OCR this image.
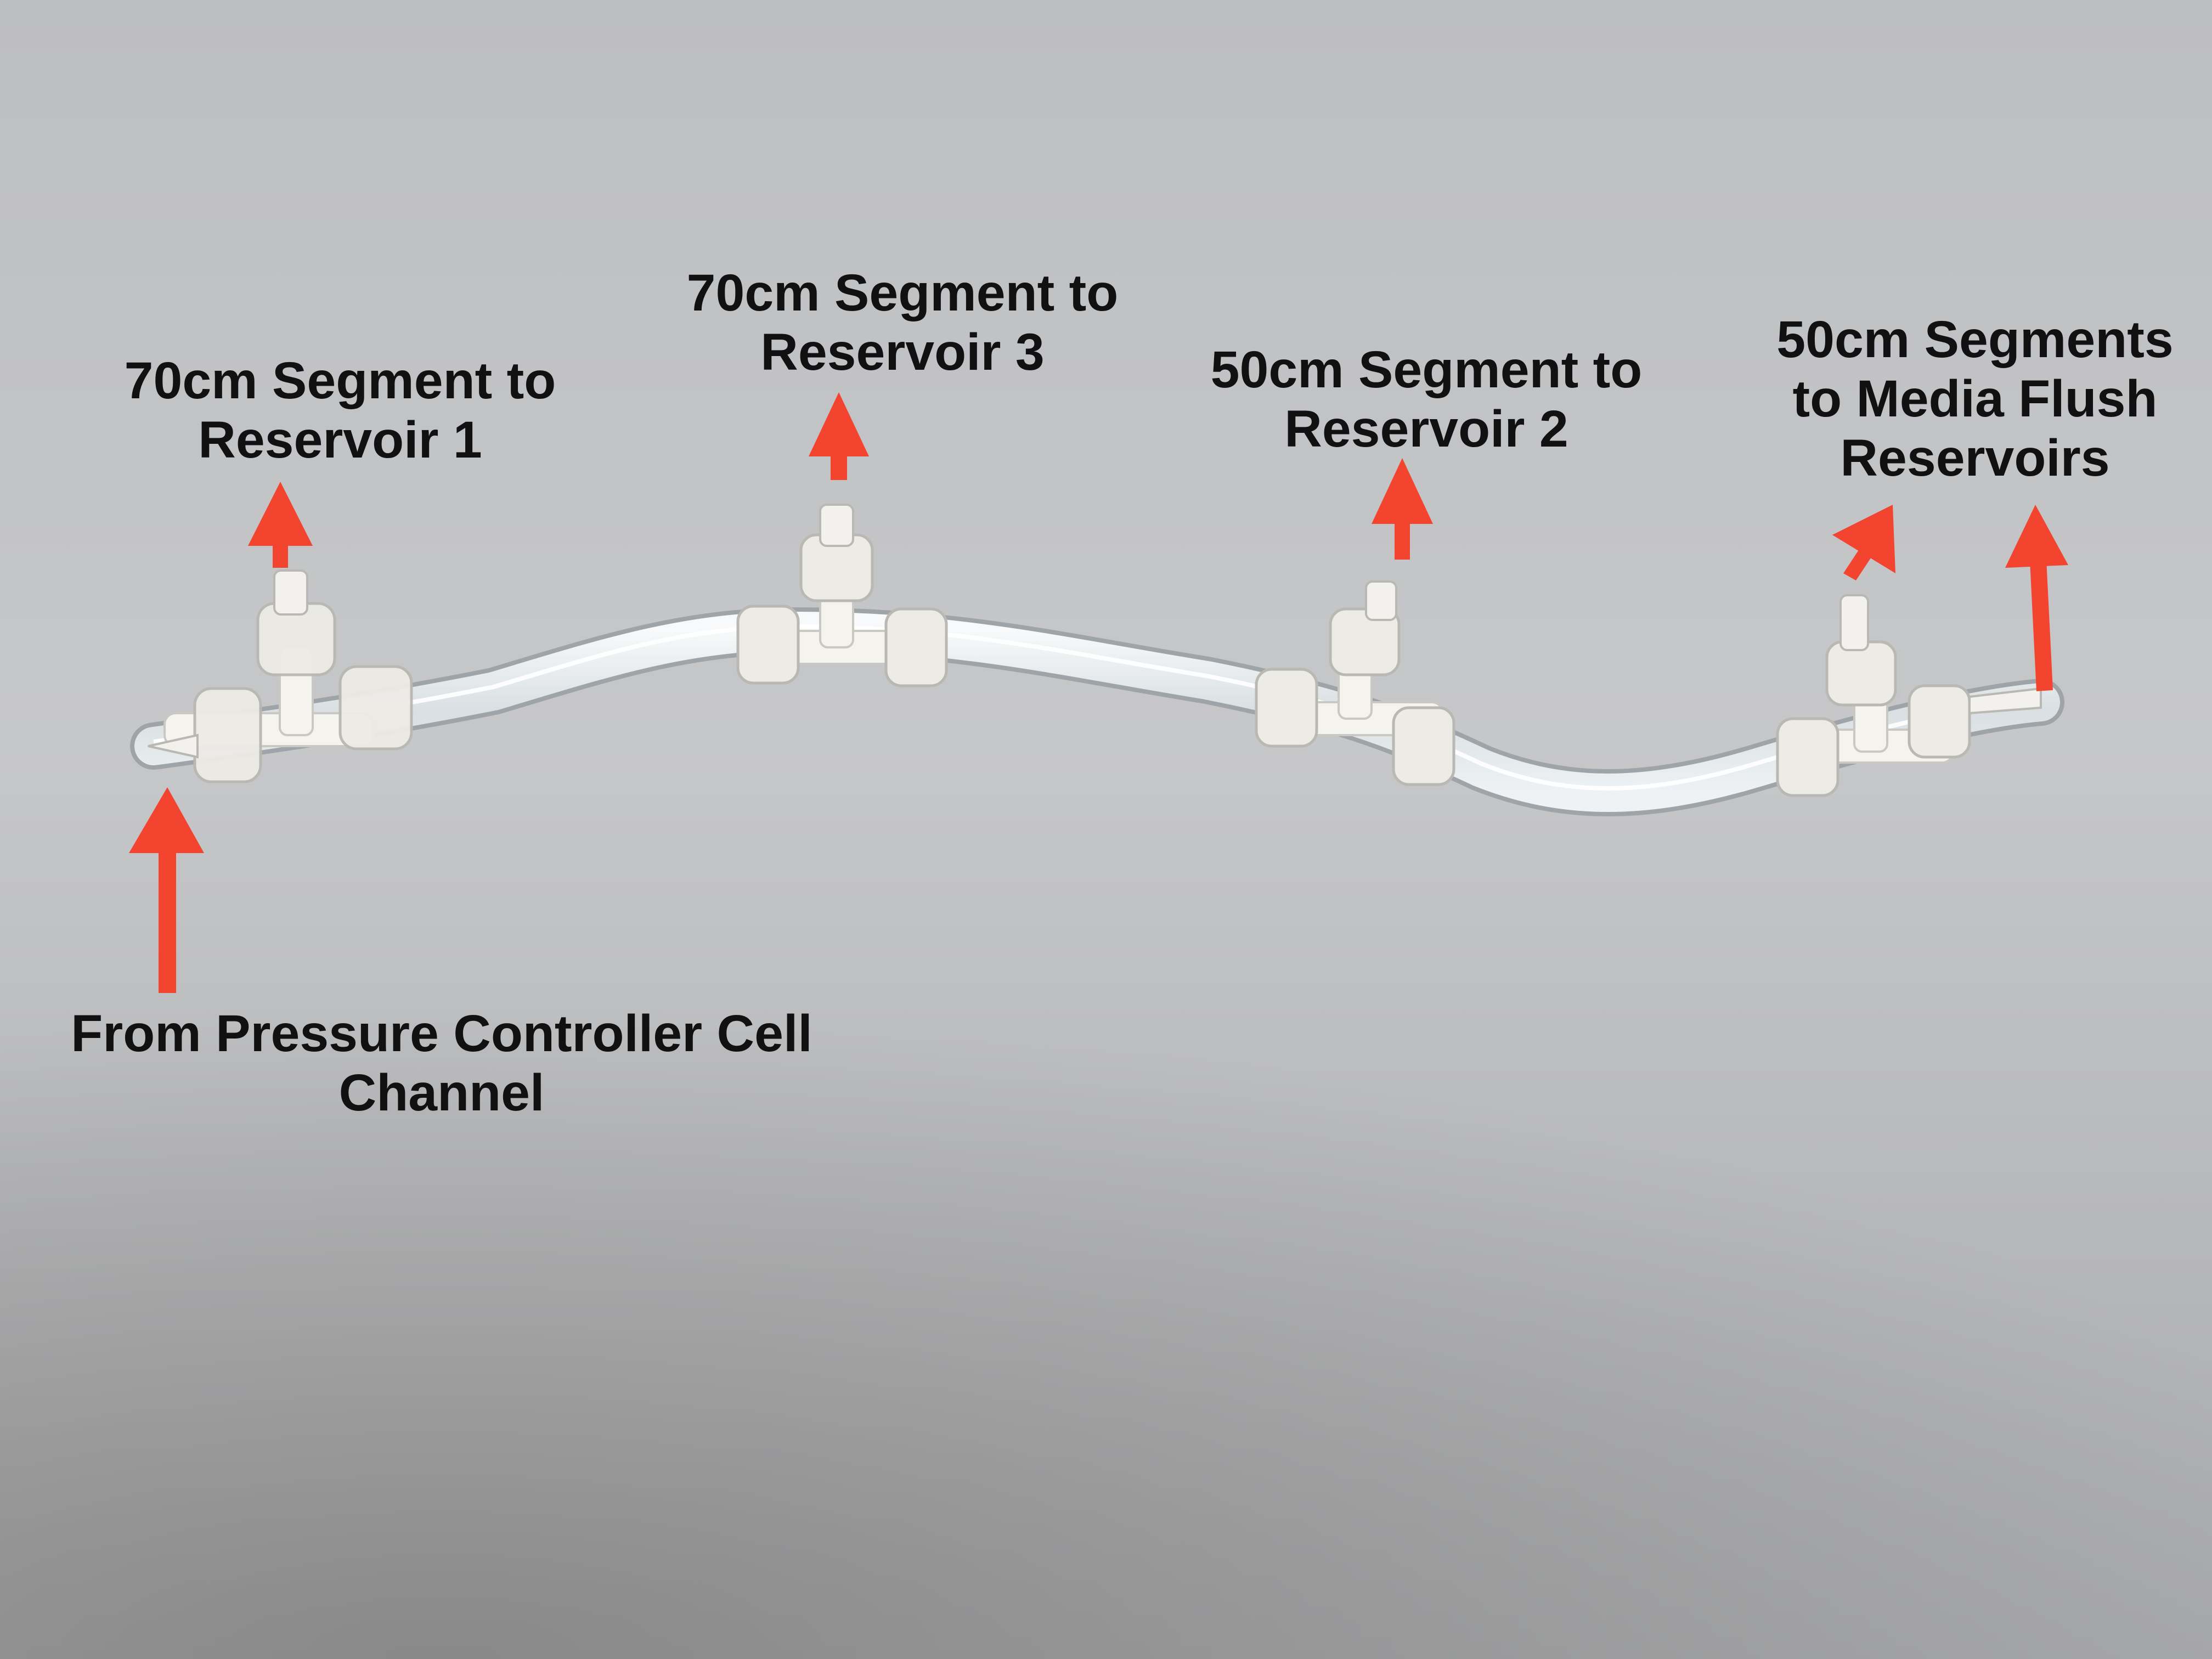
70cm Segment to
Reservoir 1
70cm Segment to
Reservoir 3	50cm Segment to
Reservoir 2
50cm Segments
to Media Flush
Reservoirs
From Pressure Controller Cell
Channel
